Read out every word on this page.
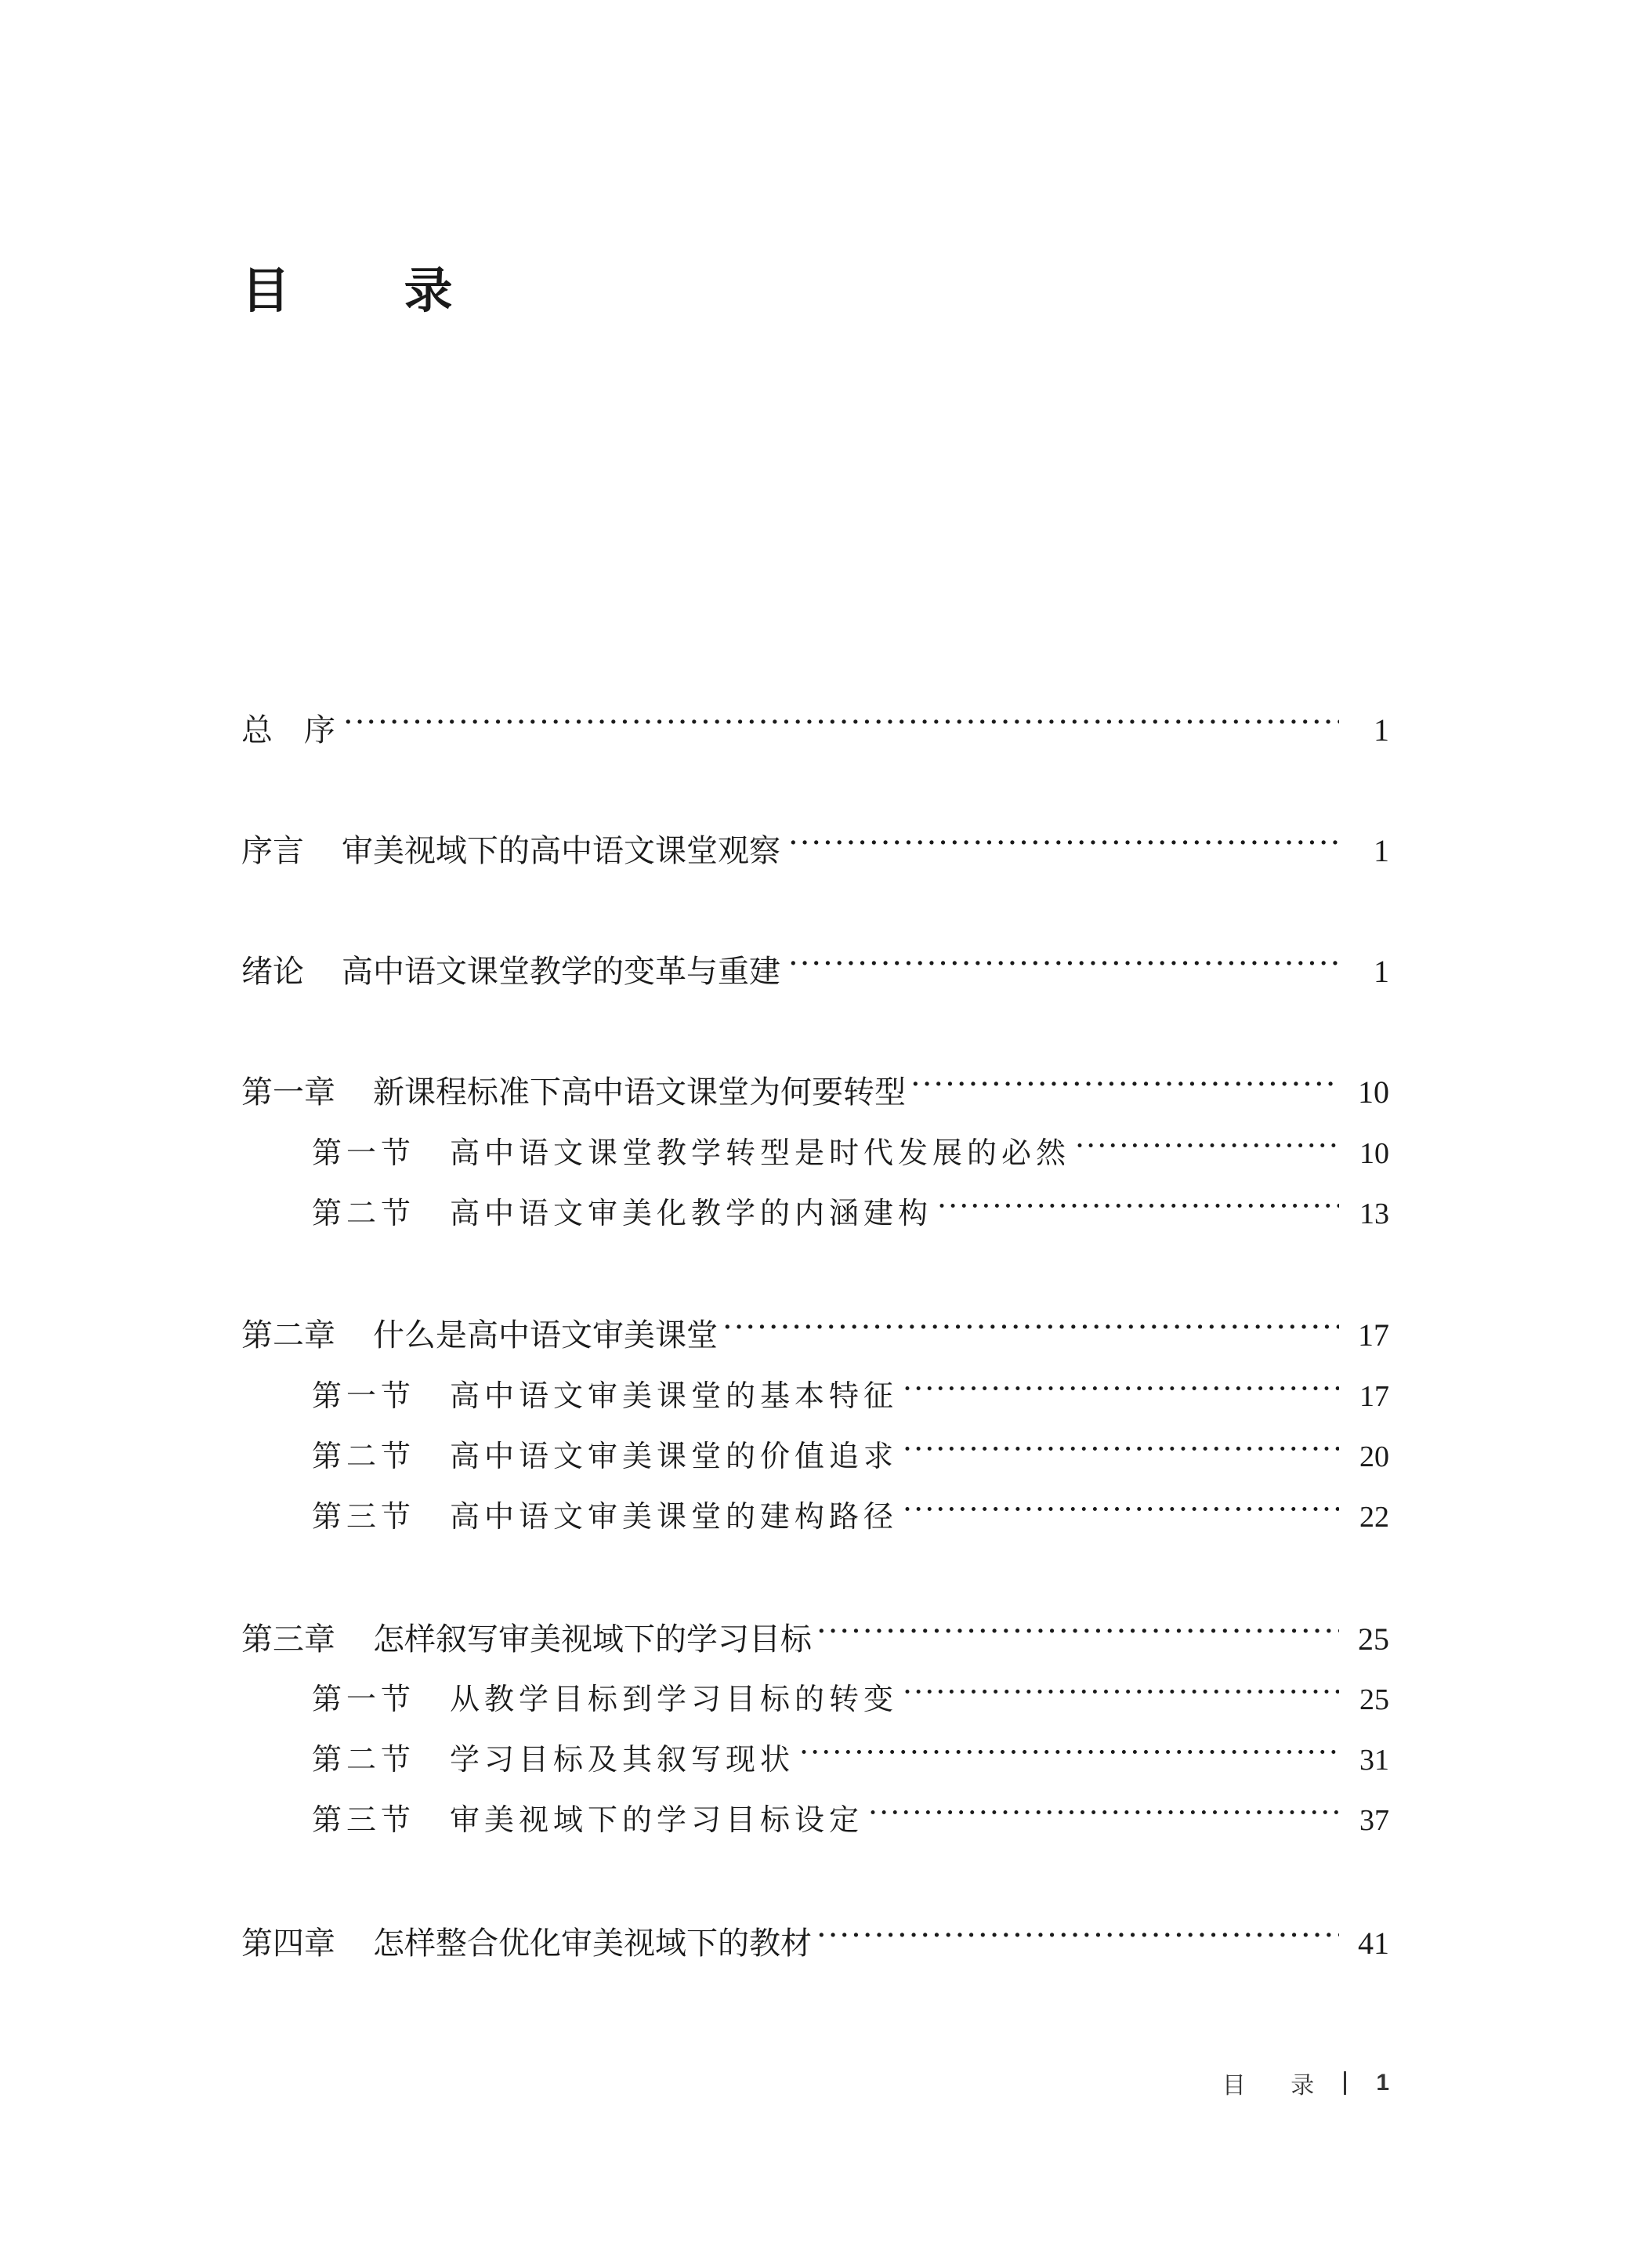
目 录
总　序 ·····	1
序言 审美视域下的高中语文课堂观察 ·····	1
绪论 高中语文课堂教学的变革与重建 ·····	1
第一章 新课程标准下高中语文课堂为何要转型 ·····	10
第一节 高中语文课堂教学转型是时代发展的必然 ·····	10
第二节 高中语文审美化教学的内涵建构 ·····	13
第二章 什么是高中语文审美课堂 ·····	17
第一节 高中语文审美课堂的基本特征 ·····	17
第二节 高中语文审美课堂的价值追求 ·····	20
第三节 高中语文审美课堂的建构路径 ·····	22
第三章 怎样叙写审美视域下的学习目标 ·····	25
第一节 从教学目标到学习目标的转变 ·····	25
第二节 学习目标及其叙写现状 ·····	31
第三节 审美视域下的学习目标设定 ·····	37
第四章 怎样整合优化审美视域下的教材 ·····	41
目 录 1
